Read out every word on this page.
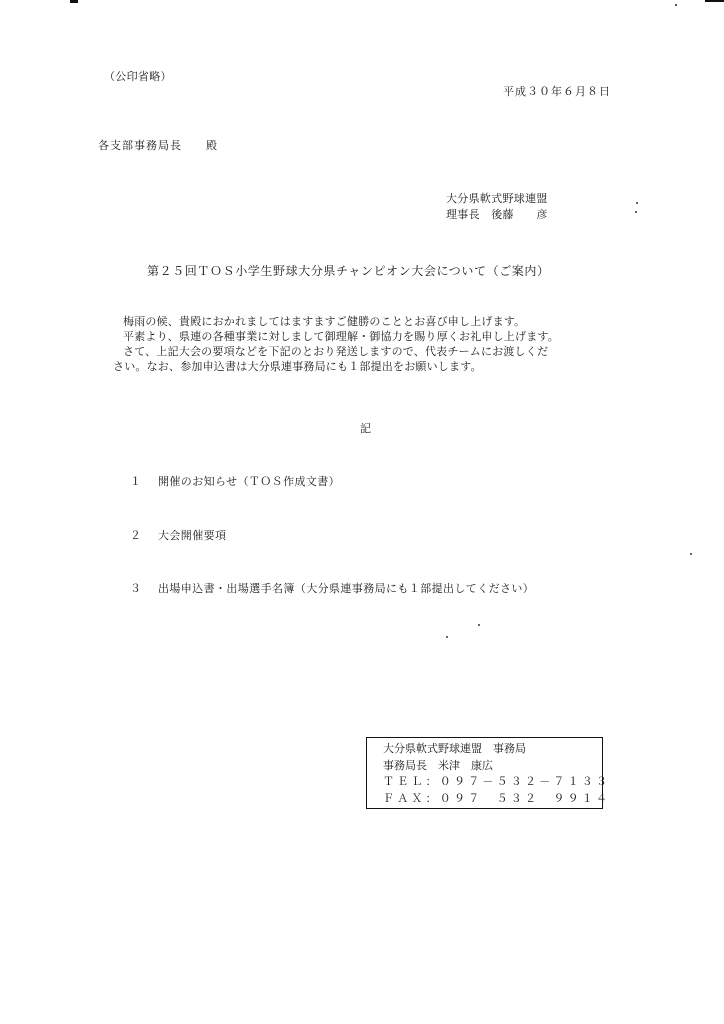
（公印省略）
平成３０年６月８日
各支部事務局長　　殿
大分県軟式野球連盟
理事長　後藤　　彦
第２５回ＴＯＳ小学生野球大分県チャンピオン大会について（ご案内）
梅雨の候、貴殿におかれましてはますますご健勝のこととお喜び申し上げます。
平素より、県連の各種事業に対しまして御理解・御協力を賜り厚くお礼申し上げます。
さて、上記大会の要項などを下記のとおり発送しますので、代表チームにお渡しくだ
さい。なお、参加申込書は大分県連事務局にも１部提出をお願いします。
記
１ 開催のお知らせ（ＴＯＳ作成文書）
２ 大会開催要項
３ 出場申込書・出場選手名簿（大分県連事務局にも１部提出してください）
大分県軟式野球連盟　事務局
事務局長　米津　康広
ＴＥＬ：０９７－５３２－７１３３
ＦＡＸ：０９７　５３２　９９１４
